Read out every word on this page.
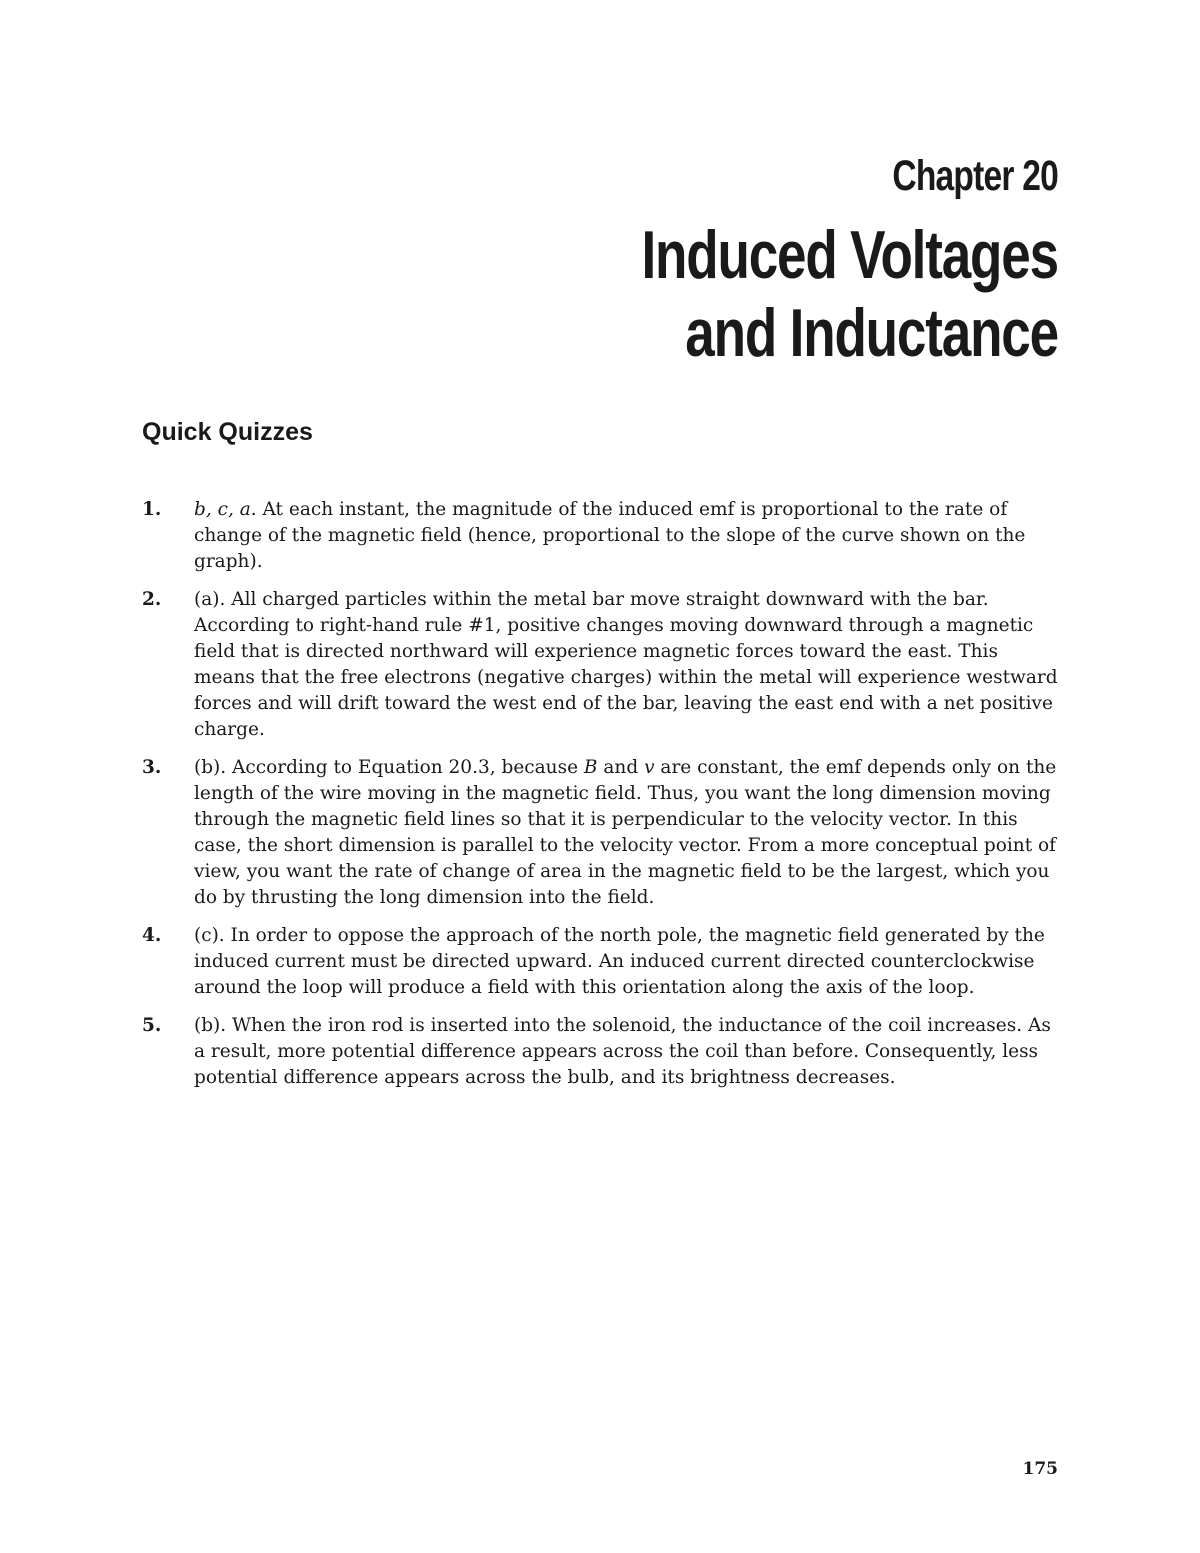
Chapter 20
Induced Voltages
and Inductance
Quick Quizzes
1. b, c, a. At each instant, the magnitude of the induced emf is proportional to the rate of change of the magnetic field (hence, proportional to the slope of the curve shown on the graph).
2. (a). All charged particles within the metal bar move straight downward with the bar. According to right-hand rule #1, positive changes moving downward through a magnetic field that is directed northward will experience magnetic forces toward the east. This means that the free electrons (negative charges) within the metal will experience westward forces and will drift toward the west end of the bar, leaving the east end with a net positive charge.
3. (b). According to Equation 20.3, because B and v are constant, the emf depends only on the length of the wire moving in the magnetic field. Thus, you want the long dimension moving through the magnetic field lines so that it is perpendicular to the velocity vector. In this case, the short dimension is parallel to the velocity vector. From a more conceptual point of view, you want the rate of change of area in the magnetic field to be the largest, which you do by thrusting the long dimension into the field.
4. (c). In order to oppose the approach of the north pole, the magnetic field generated by the induced current must be directed upward. An induced current directed counterclockwise around the loop will produce a field with this orientation along the axis of the loop.
5. (b). When the iron rod is inserted into the solenoid, the inductance of the coil increases. As a result, more potential difference appears across the coil than before. Consequently, less potential difference appears across the bulb, and its brightness decreases.
175
